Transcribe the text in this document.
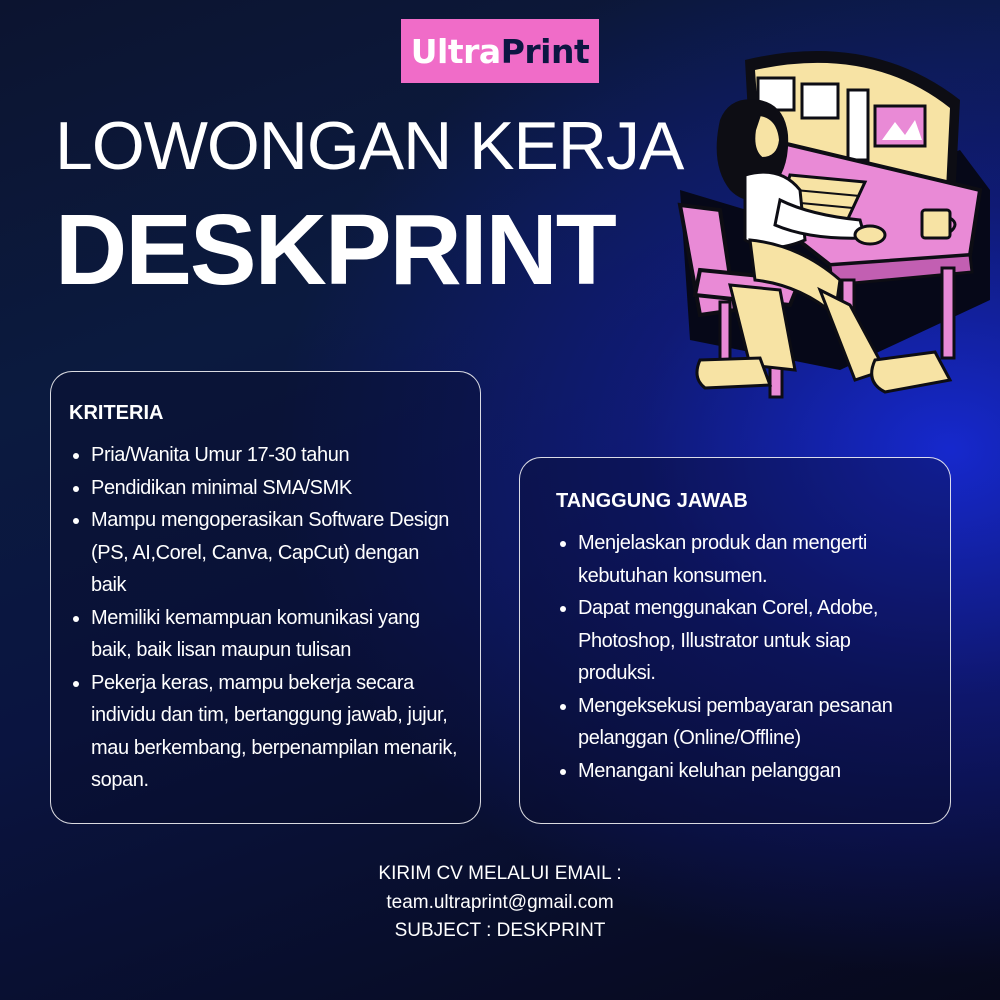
Ultra Print
LOWONGAN KERJA
DESKPRINT
KRITERIA
• Pria/Wanita Umur 17-30 tahun
• Pendidikan minimal SMA/SMK
• Mampu mengoperasikan Software Design (PS, AI,Corel, Canva, CapCut) dengan baik
• Memiliki kemampuan komunikasi yang baik, baik lisan maupun tulisan
• Pekerja keras, mampu bekerja secara individu dan tim, bertanggung jawab, jujur, mau berkembang, berpenampilan menarik, sopan.
TANGGUNG JAWAB
• Menjelaskan produk dan mengerti kebutuhan konsumen.
• Dapat menggunakan Corel, Adobe, Photoshop, Illustrator untuk siap produksi.
• Mengeksekusi pembayaran pesanan pelanggan (Online/Offline)
• Menangani keluhan pelanggan
KIRIM CV MELALUI EMAIL :
team.ultraprint@gmail.com
SUBJECT : DESKPRINT
